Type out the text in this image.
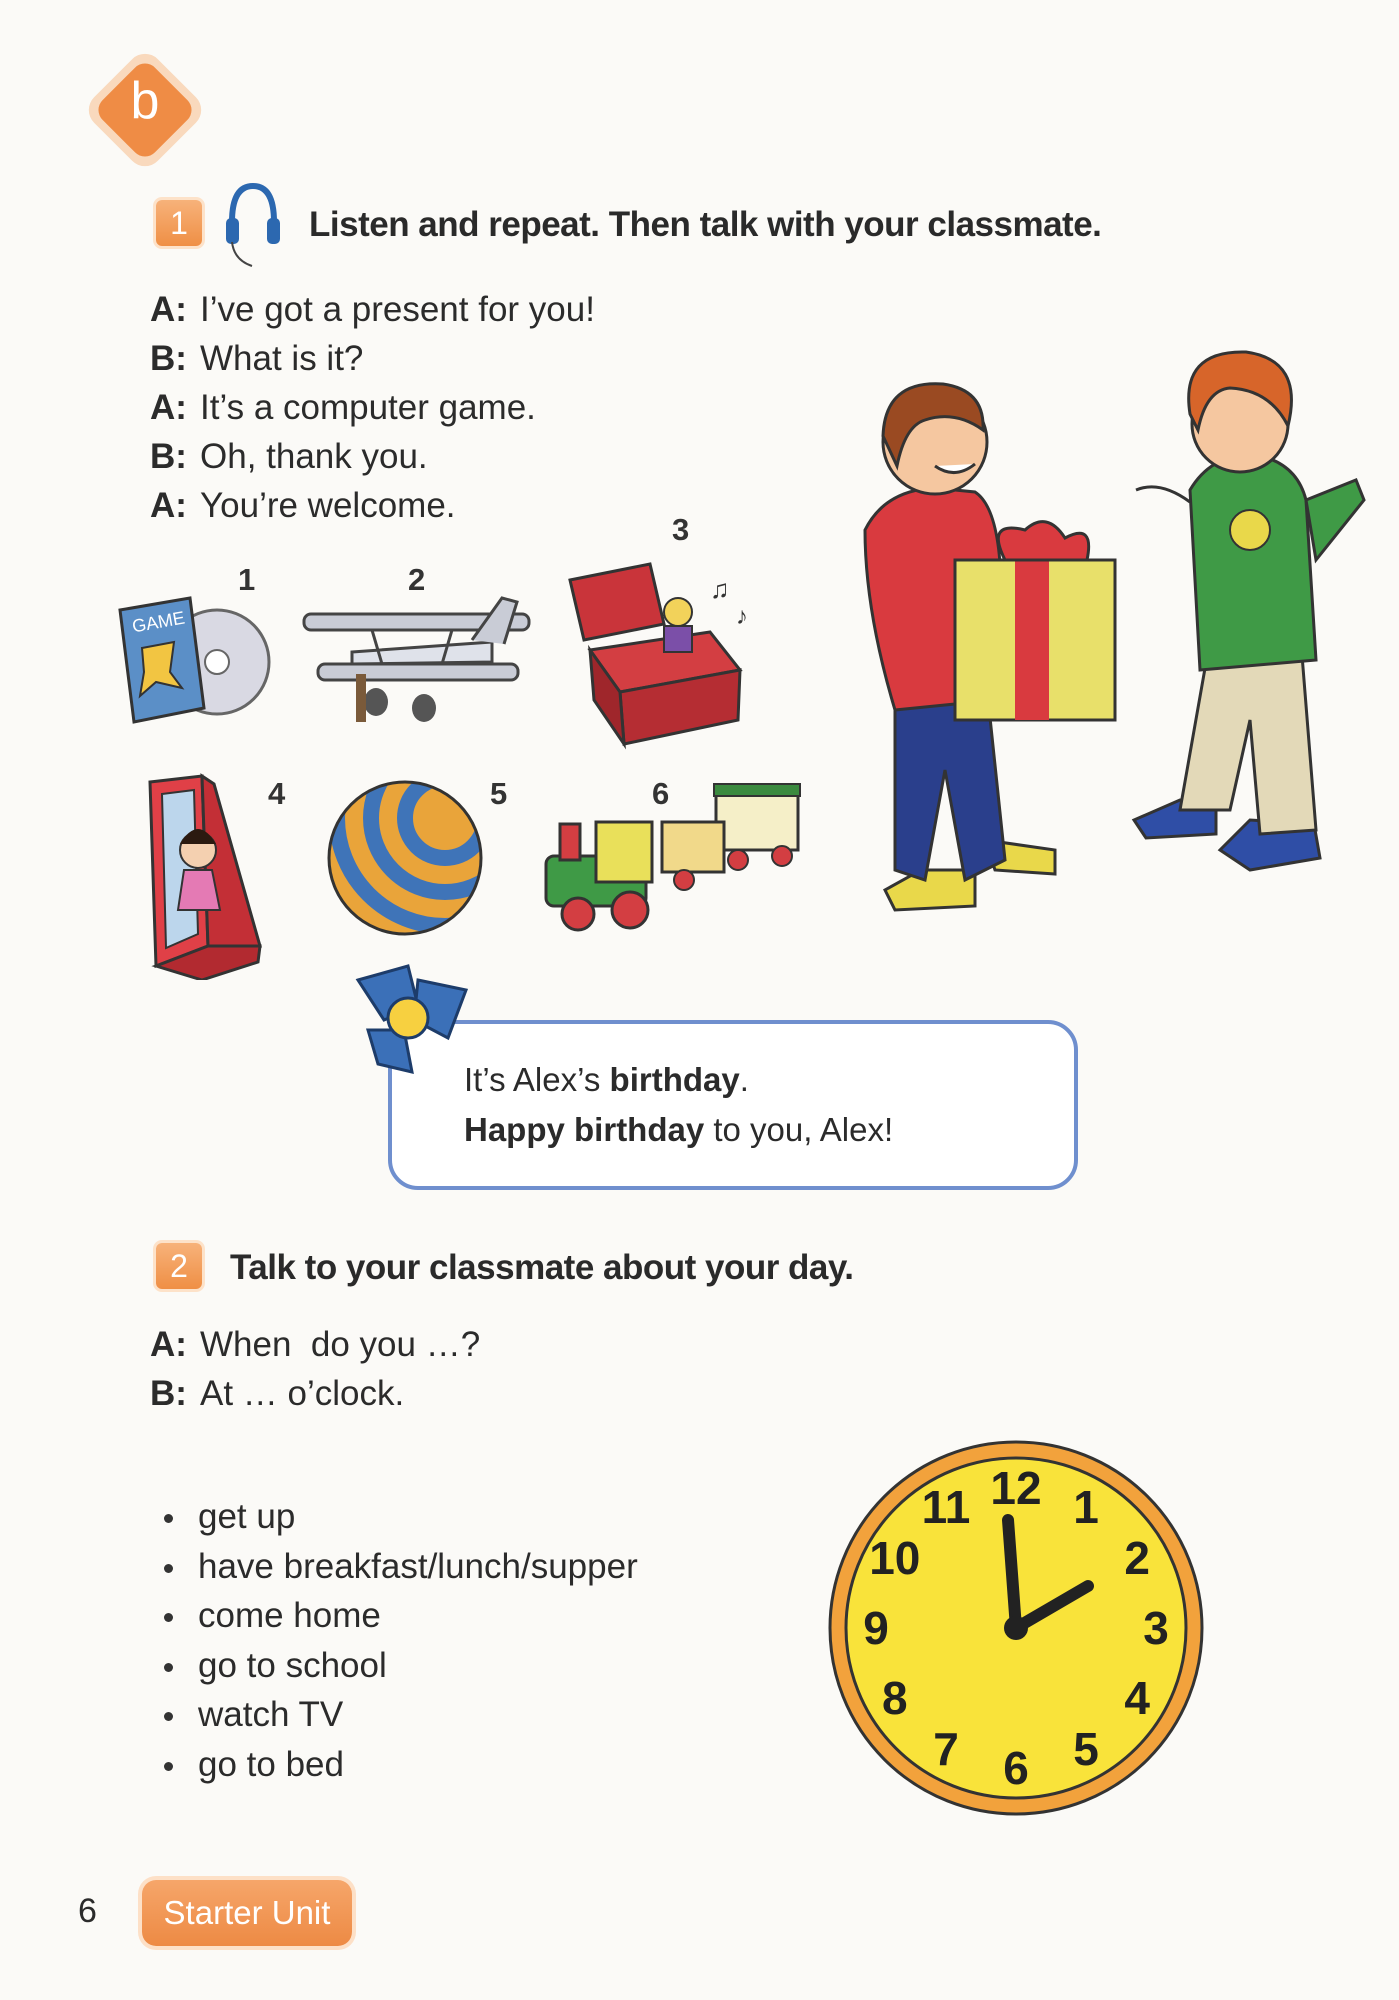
b
1	Listen and repeat. Then talk with your classmate.
A: I’ve got a present for you!
B: What is it?
A: It’s a computer game.
B: Oh, thank you.
A: You’re welcome.
1	2
3
4	5	6
GAME
♫
♪
It’s Alex’s birthday.
Happy birthday to you, Alex!
2	Talk to your classmate about your day.
A: When  do you …?
B: At … o’clock.
get up
have breakfast/lunch/supper
come home
go to school
watch TV
go to bed
12 1
2
3
4
5
6
7
8
9
10
11
6	Starter Unit
